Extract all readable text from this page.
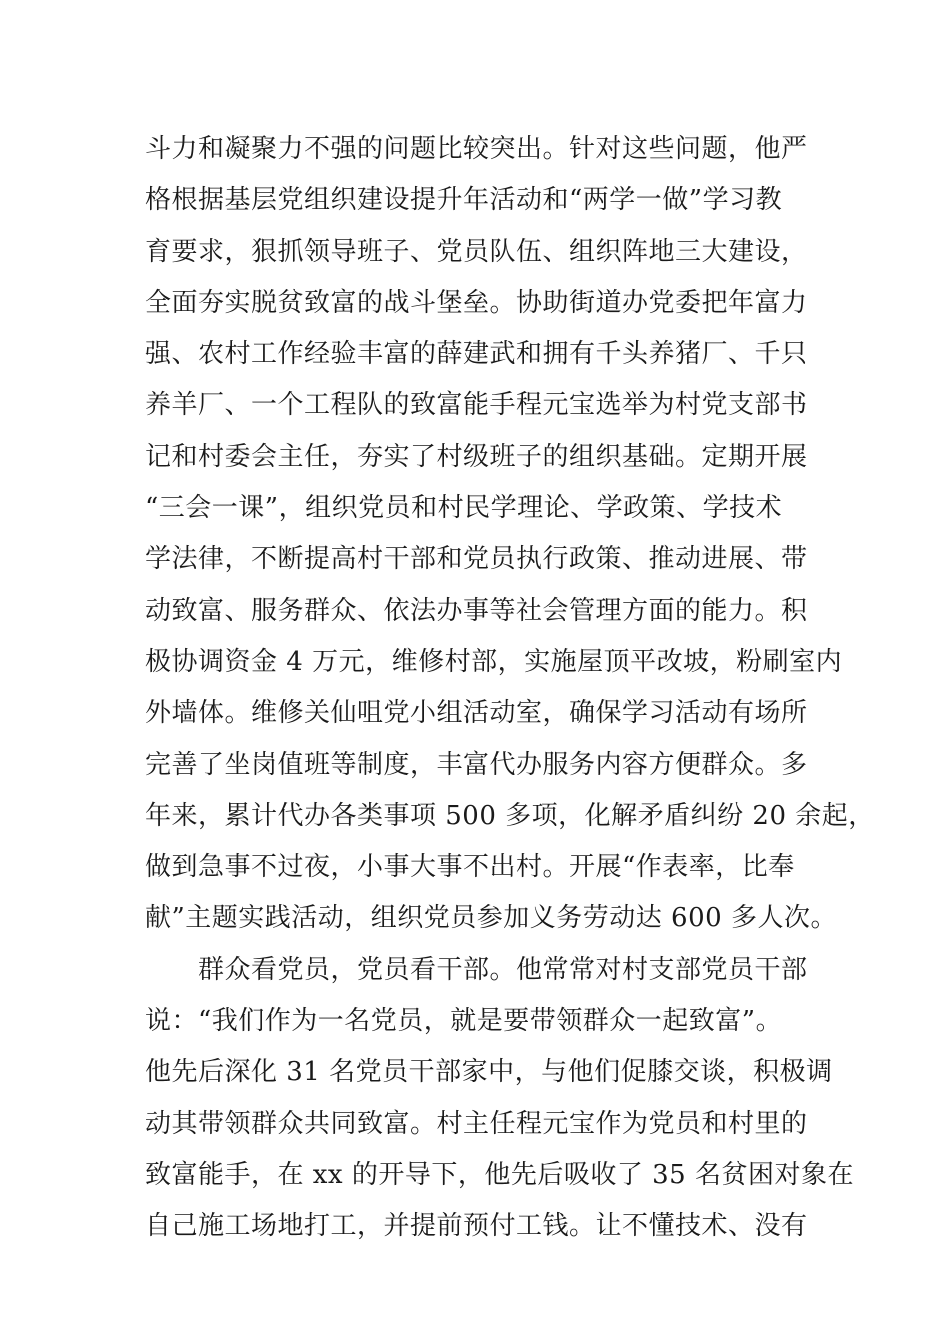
斗力和凝聚力不强的问题比较突出。针对这些问题，他严
格根据基层党组织建设提升年活动和“两学一做”学习教
育要求，狠抓领导班子、党员队伍、组织阵地三大建设，
全面夯实脱贫致富的战斗堡垒。协助街道办党委把年富力
强、农村工作经验丰富的薛建武和拥有千头养猪厂、千只
养羊厂、一个工程队的致富能手程元宝选举为村党支部书
记和村委会主任，夯实了村级班子的组织基础。定期开展
“三会一课”，组织党员和村民学理论、学政策、学技术
学法律，不断提高村干部和党员执行政策、推动进展、带
动致富、服务群众、依法办事等社会管理方面的能力。积
极协调资金 4 万元，维修村部，实施屋顶平改坡，粉刷室内
外墙体。维修关仙咀党小组活动室，确保学习活动有场所
完善了坐岗值班等制度，丰富代办服务内容方便群众。多
年来，累计代办各类事项 500 多项，化解矛盾纠纷 20 余起，
做到急事不过夜，小事大事不出村。开展“作表率，比奉
献”主题实践活动，组织党员参加义务劳动达 600 多人次。
　　群众看党员，党员看干部。他常常对村支部党员干部
说：“我们作为一名党员，就是要带领群众一起致富”。
他先后深化 31 名党员干部家中，与他们促膝交谈，积极调
动其带领群众共同致富。村主任程元宝作为党员和村里的
致富能手，在 xx 的开导下，他先后吸收了 35 名贫困对象在
自己施工场地打工，并提前预付工钱。让不懂技术、没有
